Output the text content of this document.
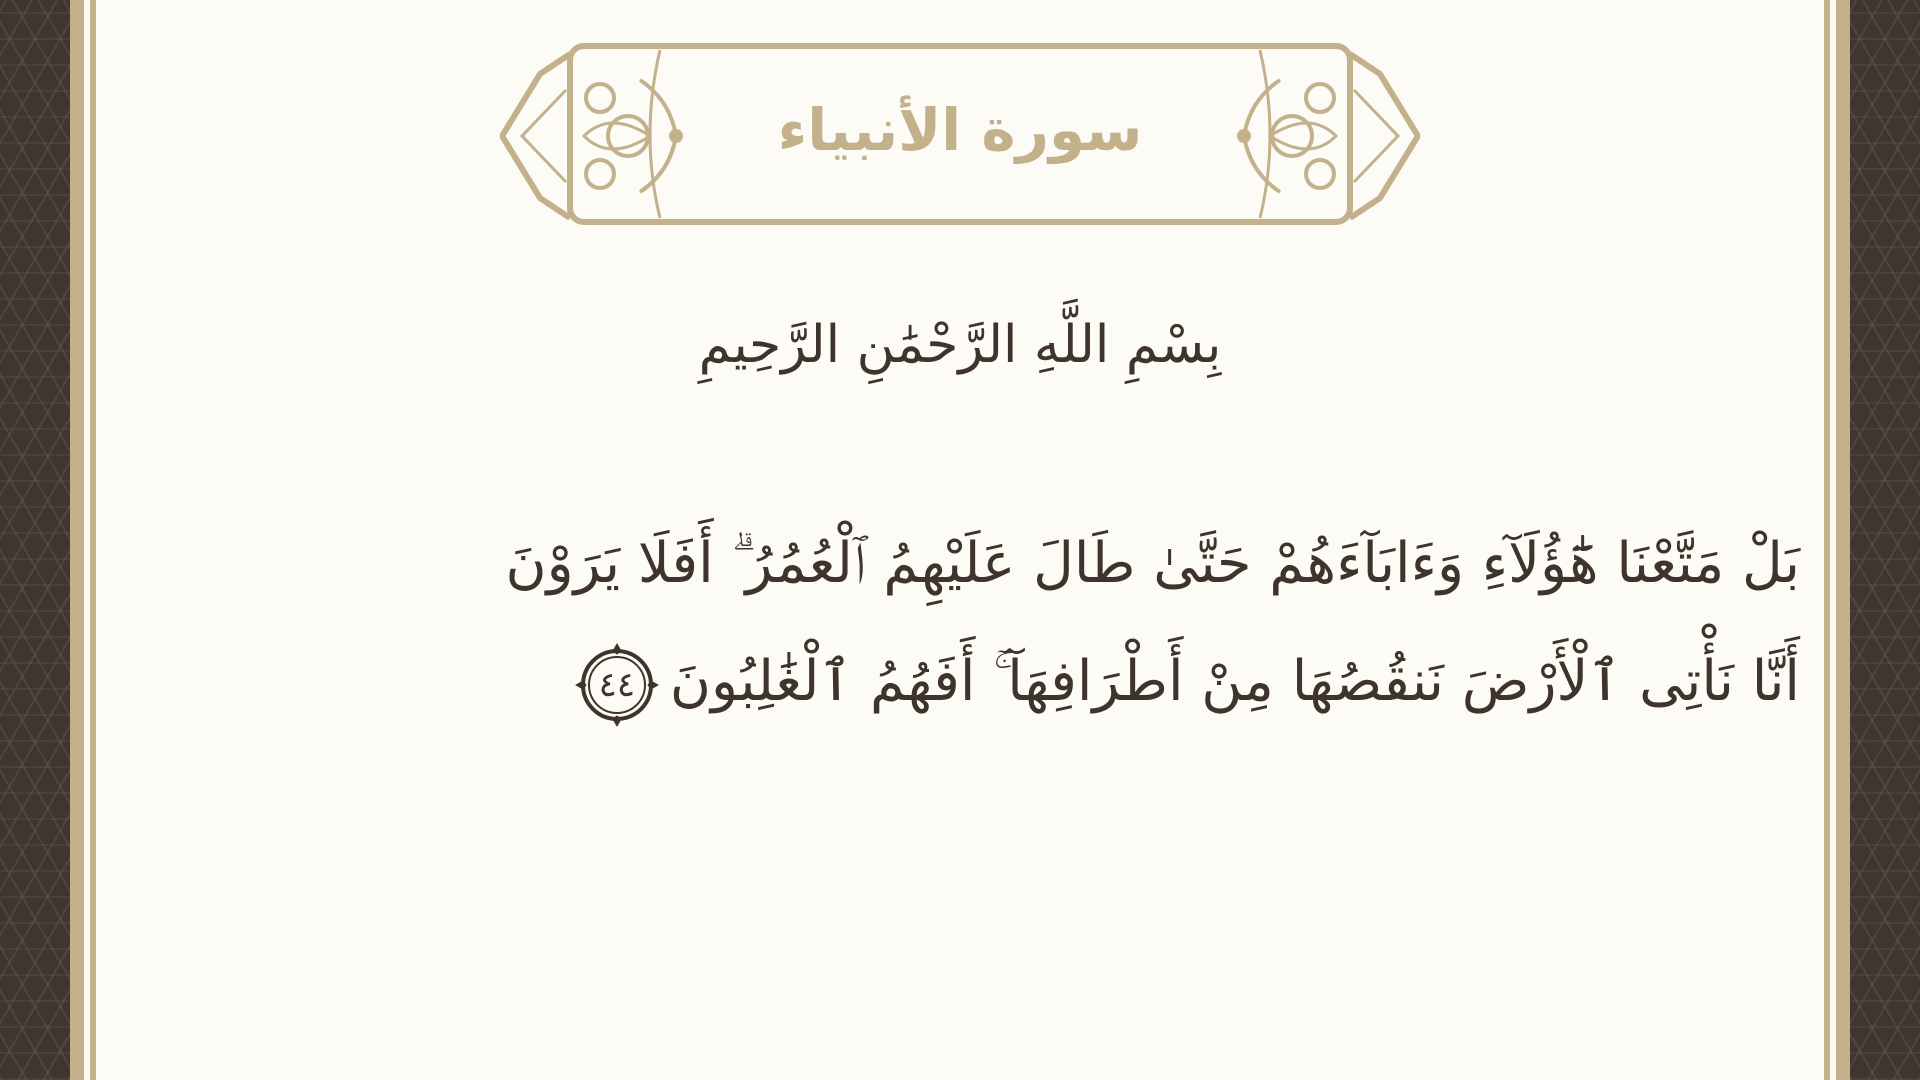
سورة الأنبياء
بِسْمِ اللَّهِ الرَّحْمَٰنِ الرَّحِيمِ
بَلْ مَتَّعْنَا هَٰٓؤُلَآءِ وَءَابَآءَهُمْ حَتَّىٰ طَالَ عَلَيْهِمُ ٱلْعُمُرُ ۗ أَفَلَا يَرَوْنَ
أَنَّا نَأْتِى ٱلْأَرْضَ نَنقُصُهَا مِنْ أَطْرَافِهَآ ۚ أَفَهُمُ ٱلْغَٰلِبُونَ
٤٤
